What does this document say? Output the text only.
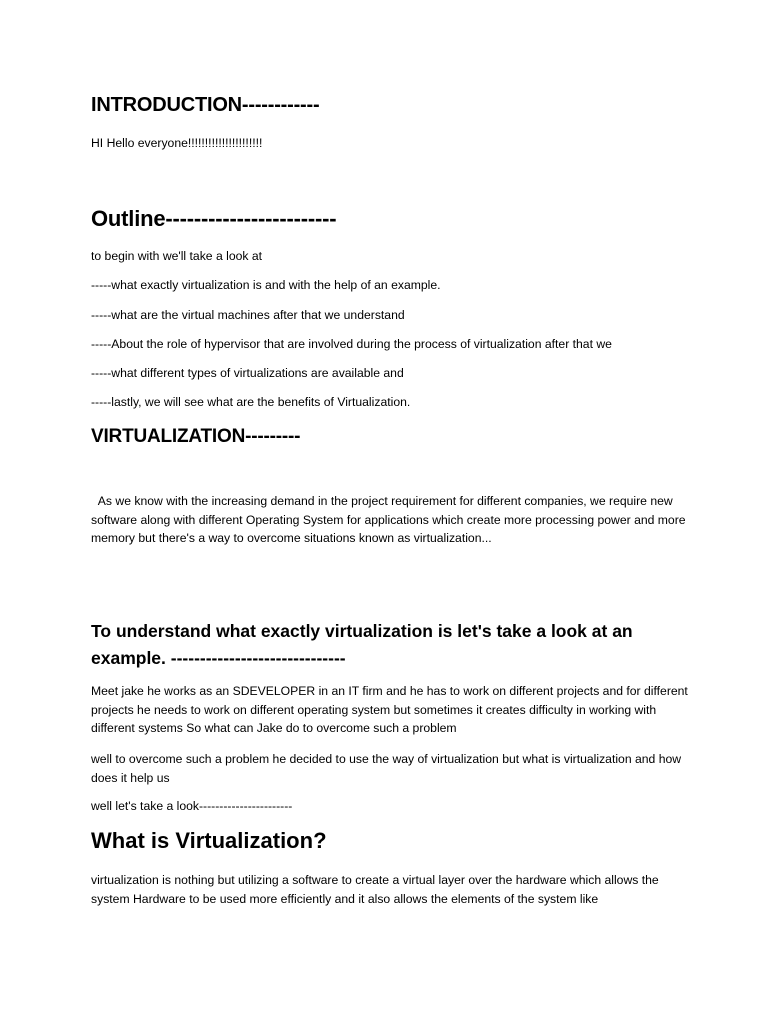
INTRODUCTION------------

HI Hello everyone!!!!!!!!!!!!!!!!!!!!!!

Outline------------------------

to begin with we'll take a look at

-----what exactly virtualization is and with the help of an example.

-----what are the virtual machines after that we understand

-----About the role of hypervisor that are involved during the process of virtualization after that we

-----what different types of virtualizations are available and

-----lastly, we will see what are the benefits of Virtualization.

VIRTUALIZATION---------

As we know with the increasing demand in the project requirement for different companies, we require new software along with different Operating System for applications which create more processing power and more memory but there's a way to overcome situations known as virtualization...

To understand what exactly virtualization is let's take a look at an example. ------------------------------

Meet jake he works as an SDEVELOPER in an IT firm and he has to work on different projects and for different projects he needs to work on different operating system but sometimes it creates difficulty in working with different systems So what can Jake do to overcome such a problem

well to overcome such a problem he decided to use the way of virtualization but what is virtualization and how does it help us

well let's take a look-----------------------

What is Virtualization?

virtualization is nothing but utilizing a software to create a virtual layer over the hardware which allows the system Hardware to be used more efficiently and it also allows the elements of the system like
